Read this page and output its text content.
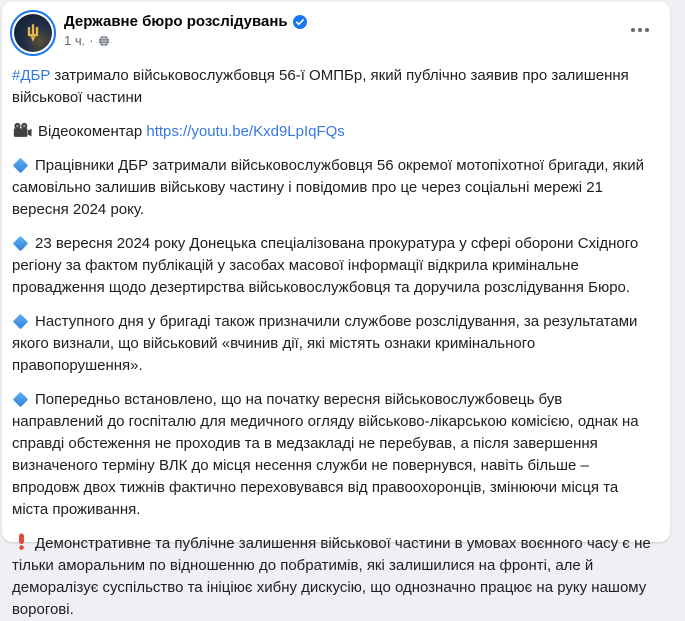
Державне бюро розслідувань
1 ч. ·

#ДБР затримало військовослужбовця 56-ї ОМПБр, який публічно заявив про залишення військової частини

Відеокоментар https://youtu.be/Kxd9LpIqFQs

Працівники ДБР затримали військовослужбовця 56 окремої мотопіхотної бригади, який самовільно залишив військову частину і повідомив про це через соціальні мережі 21 вересня 2024 року.

23 вересня 2024 року Донецька спеціалізована прокуратура у сфері оборони Східного регіону за фактом публікацій у засобах масової інформації відкрила кримінальне провадження щодо дезертирства військовослужбовця та доручила розслідування Бюро.

Наступного дня у бригаді також призначили службове розслідування, за результатами якого визнали, що військовий «вчинив дії, які містять ознаки кримінального правопорушення».

Попередньо встановлено, що на початку вересня військовослужбовець був направлений до госпіталю для медичного огляду військово-лікарською комісією, однак на справді обстеження не проходив та в медзакладі не перебував, а після завершення визначеного терміну ВЛК до місця несення служби не повернувся, навіть більше – впродовж двох тижнів фактично переховувався від правоохоронців, змінюючи місця та міста проживання.

Демонстративне та публічне залишення військової частини в умовах воєнного часу є не тільки аморальним по відношенню до побратимів, які залишилися на фронті, але й деморалізує суспільство та ініціює хибну дискусію, що однозначно працює на руку нашому ворогові.
